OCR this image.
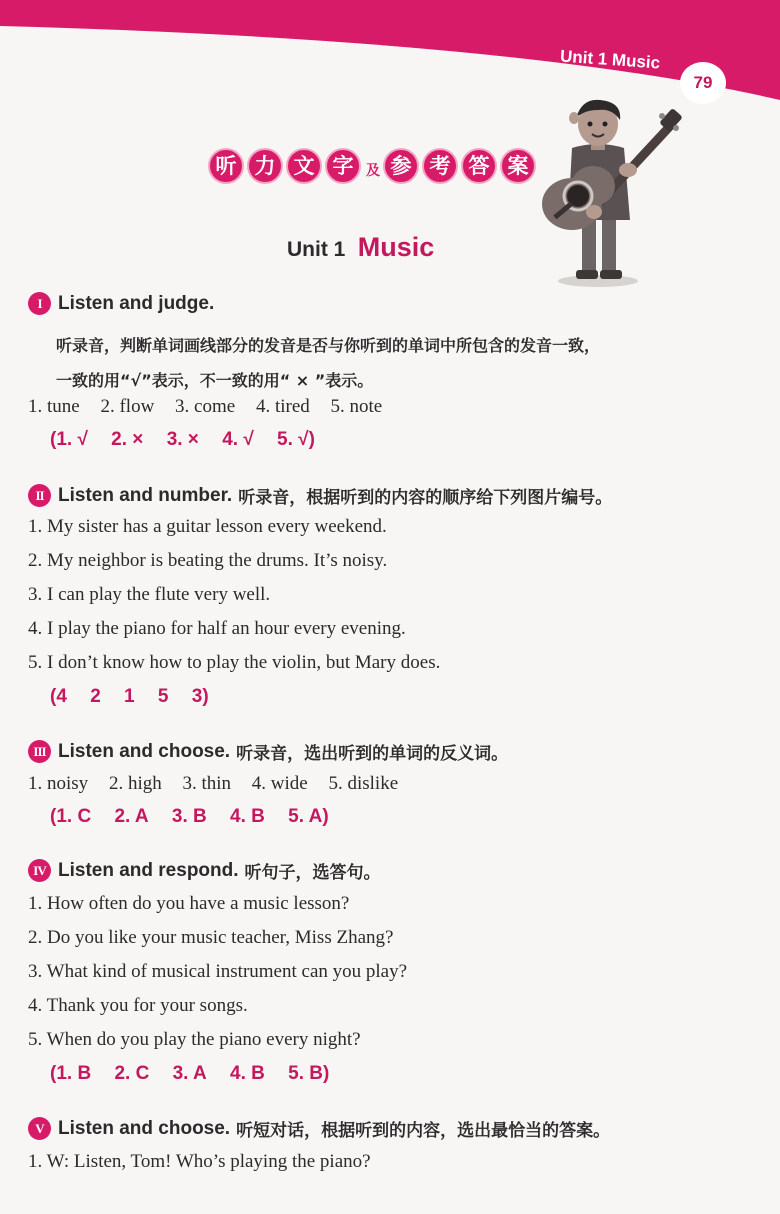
Unit 1 Music
79
听 力 文 字 及 参 考 答 案
Unit 1 Music
I Listen and judge.
听录音，判断单词画线部分的发音是否与你听到的单词中所包含的发音一致，
一致的用“√”表示，不一致的用“ × ”表示。
1. tune 2. flow 3. come 4. tired 5. note
(1. √ 2. × 3. × 4. √ 5. √)
II Listen and number. 听录音，根据听到的内容的顺序给下列图片编号。
1. My sister has a guitar lesson every weekend.
2. My neighbor is beating the drums. It’s noisy.
3. I can play the flute very well.
4. I play the piano for half an hour every evening.
5. I don’t know how to play the violin, but Mary does.
(4 2 1 5 3)
III Listen and choose. 听录音，选出听到的单词的反义词。
1. noisy 2. high 3. thin 4. wide 5. dislike
(1. C 2. A 3. B 4. B 5. A)
IV Listen and respond. 听句子，选答句。
1. How often do you have a music lesson?
2. Do you like your music teacher, Miss Zhang?
3. What kind of musical instrument can you play?
4. Thank you for your songs.
5. When do you play the piano every night?
(1. B 2. C 3. A 4. B 5. B)
V Listen and choose. 听短对话，根据听到的内容，选出最恰当的答案。
1. W: Listen, Tom! Who’s playing the piano?
